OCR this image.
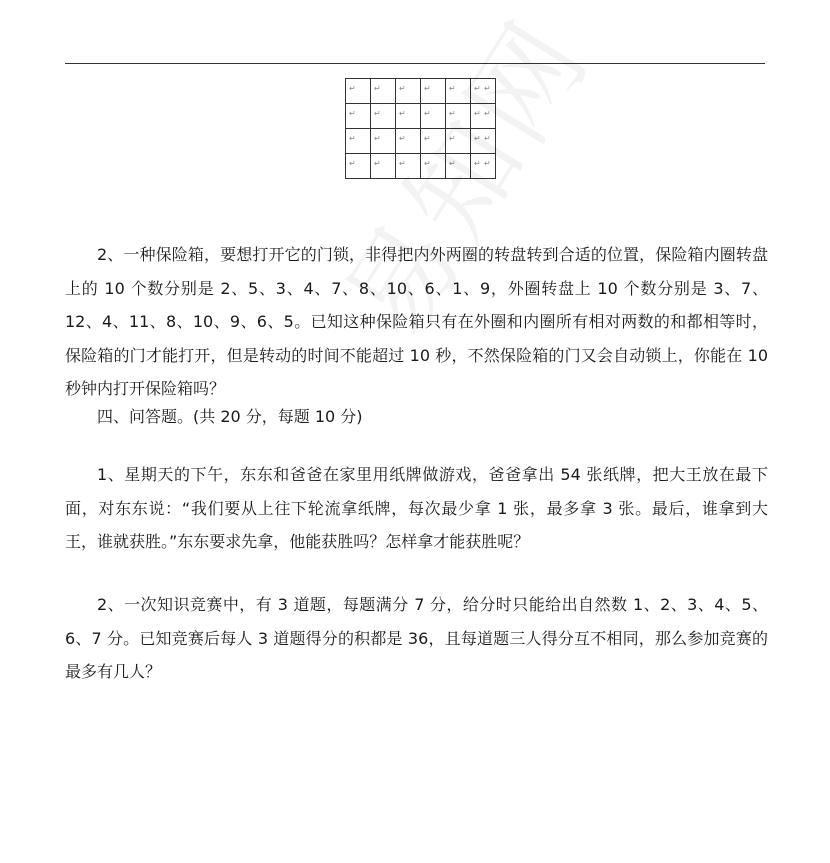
↵	↵	↵	↵	↵	↵

↵	↵	↵	↵	↵	↵

↵	↵	↵	↵	↵	↵

↵	↵	↵	↵	↵	↵

2、一种保险箱，要想打开它的门锁，非得把内外两圈的转盘转到合适的位置，保险箱内圈转盘上的 10 个数分别是 2、5、3、4、7、8、10、6、1、9，外圈转盘上 10 个数分别是 3、7、12、4、11、8、10、9、6、5。已知这种保险箱只有在外圈和内圈所有相对两数的和都相等时，保险箱的门才能打开，但是转动的时间不能超过 10 秒，不然保险箱的门又会自动锁上，你能在 10 秒钟内打开保险箱吗？

四、问答题。(共 20 分，每题 10 分)

1、星期天的下午，东东和爸爸在家里用纸牌做游戏，爸爸拿出 54 张纸牌，把大王放在最下面，对东东说：“我们要从上往下轮流拿纸牌，每次最少拿 1 张，最多拿 3 张。最后，谁拿到大王，谁就获胜。”东东要求先拿，他能获胜吗？怎样拿才能获胜呢？

2、一次知识竞赛中，有 3 道题，每题满分 7 分，给分时只能给出自然数 1、2、3、4、5、6、7 分。已知竞赛后每人 3 道题得分的积都是 36，且每道题三人得分互不相同，那么参加竞赛的最多有几人？

↵
↵
↵
↵
